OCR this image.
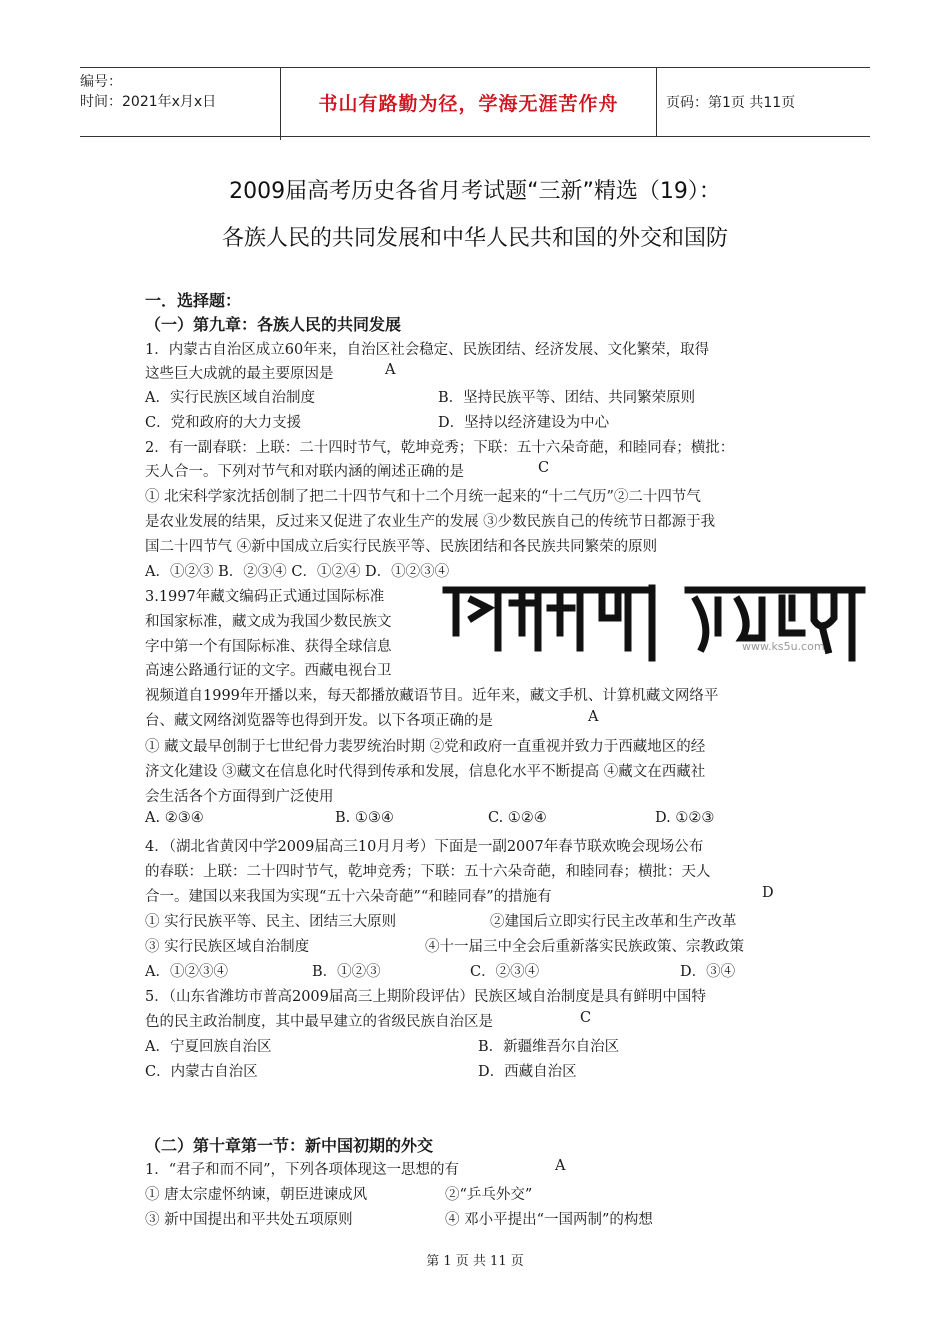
编号：
时间：2021年x月x日	书山有路勤为径，学海无涯苦作舟	页码：第1页 共11页
2009届高考历史各省月考试题“三新”精选（19）：
各族人民的共同发展和中华人民共和国的外交和国防
一．选择题：
（一）第九章：各族人民的共同发展
1．内蒙古自治区成立60年来，自治区社会稳定、民族团结、经济发展、文化繁荣，取得
这些巨大成就的最主要原因是	A
A．实行民族区域自治制度	B．坚持民族平等、团结、共同繁荣原则
C．党和政府的大力支援	D．坚持以经济建设为中心
2．有一副春联：上联：二十四时节气，乾坤竞秀；下联：五十六朵奇葩，和睦同春；横批：
天人合一。下列对节气和对联内涵的阐述正确的是	C
① 北宋科学家沈括创制了把二十四节气和十二个月统一起来的“十二气历”②二十四节气
是农业发展的结果，反过来又促进了农业生产的发展 ③少数民族自己的传统节日都源于我
国二十四节气 ④新中国成立后实行民族平等、民族团结和各民族共同繁荣的原则
A．①②③ B．②③④ C．①②④ D．①②③④
3.1997年藏文编码正式通过国际标准
和国家标准，藏文成为我国少数民族文
字中第一个有国际标准、获得全球信息
高速公路通行证的文字。西藏电视台卫
www.ks5u.com
视频道自1999年开播以来，每天都播放藏语节目。近年来，藏文手机、计算机藏文网络平
台、藏文网络浏览器等也得到开发。以下各项正确的是	A
① 藏文最早创制于七世纪骨力裴罗统治时期 ②党和政府一直重视并致力于西藏地区的经
济文化建设 ③藏文在信息化时代得到传承和发展，信息化水平不断提高 ④藏文在西藏社
会生活各个方面得到广泛使用
A. ②③④	B. ①③④	C. ①②④	D. ①②③
4．（湖北省黄冈中学2009届高三10月月考）下面是一副2007年春节联欢晚会现场公布
的春联：上联：二十四时节气，乾坤竞秀；下联：五十六朵奇葩，和睦同春；横批：天人
合一。建国以来我国为实现“五十六朵奇葩”“和睦同春”的措施有	D
① 实行民族平等、民主、团结三大原则	②建国后立即实行民主改革和生产改革
③ 实行民族区域自治制度	④十一届三中全会后重新落实民族政策、宗教政策
A．①②③④	B．①②③	C．②③④	D．③④
5．（山东省潍坊市普高2009届高三上期阶段评估）民族区域自治制度是具有鲜明中国特
色的民主政治制度，其中最早建立的省级民族自治区是	C
A．宁夏回族自治区	B．新疆维吾尔自治区
C．内蒙古自治区	D．西藏自治区
（二）第十章第一节：新中国初期的外交
1．“君子和而不同”，下列各项体现这一思想的有	A
① 唐太宗虚怀纳谏，朝臣进谏成风	②“乒乓外交”
③ 新中国提出和平共处五项原则	④ 邓小平提出“一国两制”的构想
第 1 页 共 11 页
